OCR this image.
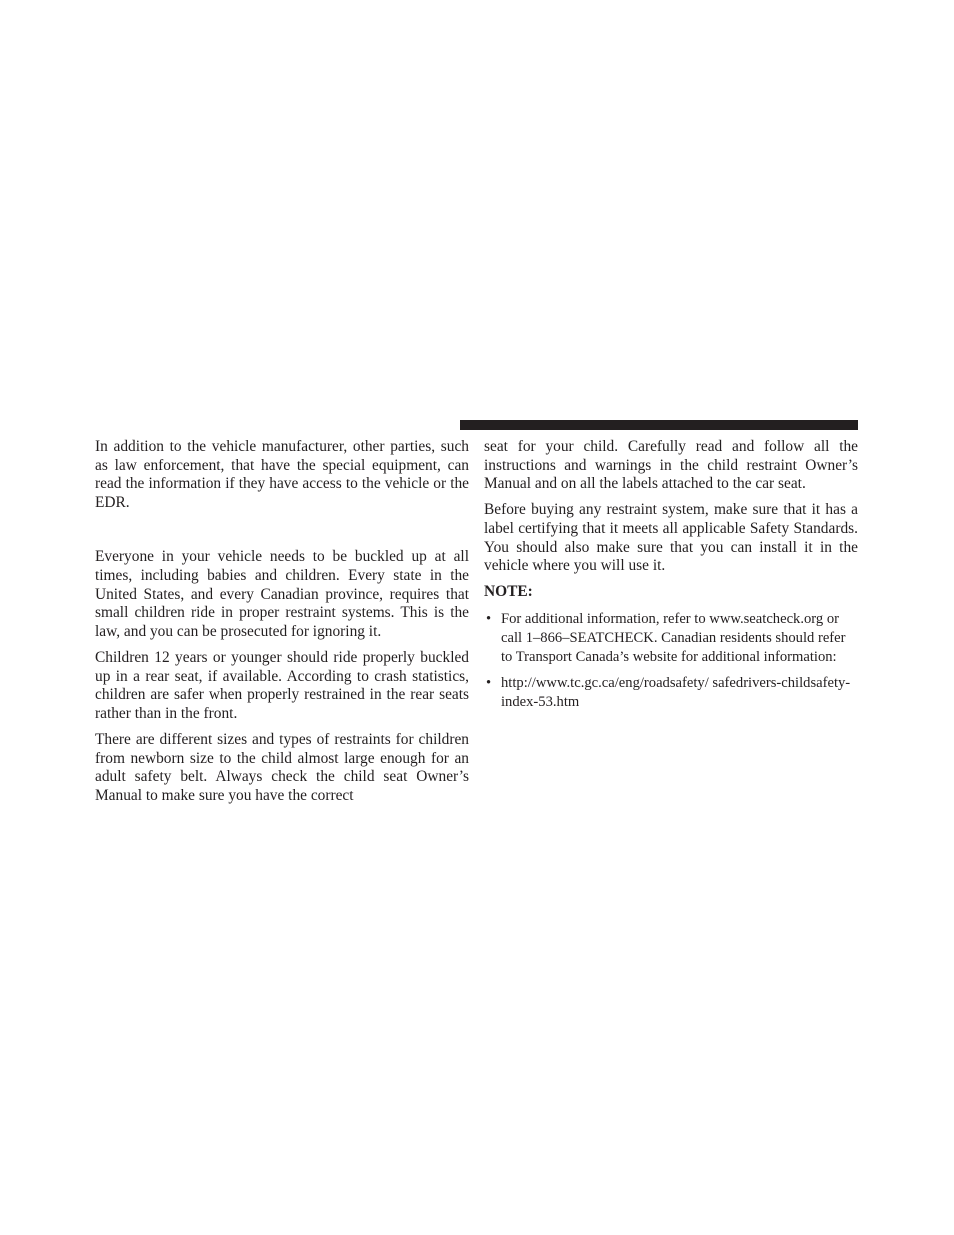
In addition to the vehicle manufacturer, other parties, such as law enforcement, that have the special equipment, can read the information if they have access to the vehicle or the EDR.

Everyone in your vehicle needs to be buckled up at all times, including babies and children. Every state in the United States, and every Canadian province, requires that small children ride in proper restraint systems. This is the law, and you can be prosecuted for ignoring it.

Children 12 years or younger should ride properly buckled up in a rear seat, if available. According to crash statistics, children are safer when properly restrained in the rear seats rather than in the front.

There are different sizes and types of restraints for children from newborn size to the child almost large enough for an adult safety belt. Always check the child seat Owner’s Manual to make sure you have the correct

seat for your child. Carefully read and follow all the instructions and warnings in the child restraint Owner’s Manual and on all the labels attached to the car seat.

Before buying any restraint system, make sure that it has a label certifying that it meets all applicable Safety Standards. You should also make sure that you can install it in the vehicle where you will use it.

NOTE:
• For additional information, refer to www.seatcheck.org or call 1–866–SEATCHECK. Canadian residents should refer to Transport Canada’s website for additional information:
• http://www.tc.gc.ca/eng/roadsafety/ safedrivers-childsafety-index-53.htm
